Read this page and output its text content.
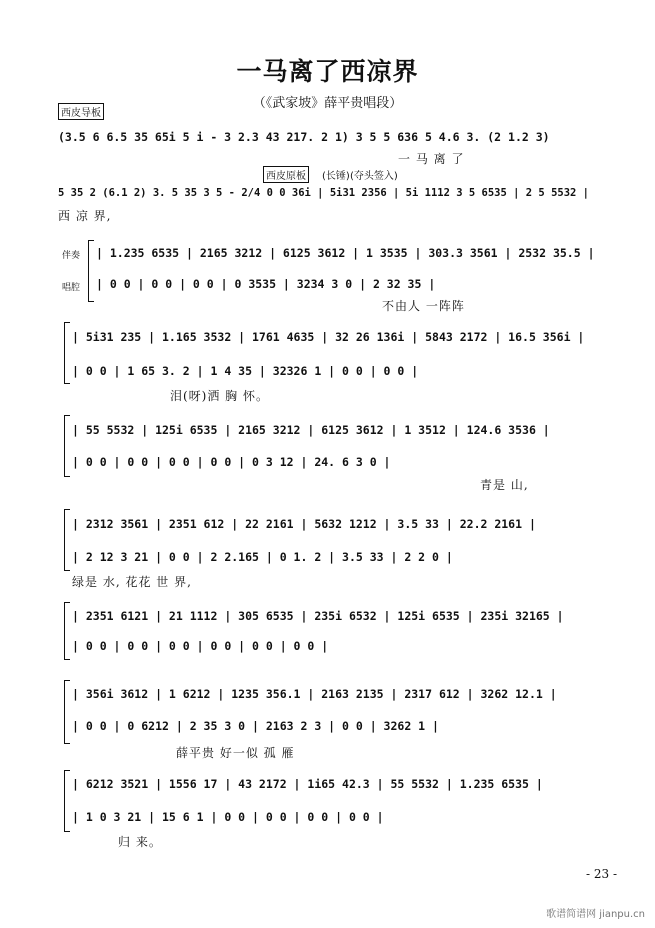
一马离了西凉界
（《武家坡》薛平贵唱段）
西皮导板
(3.5 6 6.5 35 65i 5 i - 3 2.3 43 217. 2 1) 3 5 5 636 5 4.6 3. (2 1.2 3)
一 马 离 了
西皮原板	(长锤) (夺头签入)
5 35 2 (6.1 2) 3. 5 35 3 5 - 2/4 0 0 36i | 5i31 2356 | 5i 1112 3 5 6535 | 2 5 5532 |
西 凉 界,
伴奏
唱腔
| 1.235 6535 | 2165 3212 | 6125 3612 | 1 3535 | 303.3 3561 | 2532 35.5 |
| 0 0 | 0 0 | 0 0 | 0 3535 | 3234 3 0 | 2 32 35 |
不由人 一阵阵
| 5i31 235 | 1.165 3532 | 1761 4635 | 32 26 136i | 5843 2172 | 16.5 356i |
| 0 0 | 1 65 3. 2 | 1 4 35 | 32326 1 | 0 0 | 0 0 |
泪(呀)洒 胸 怀。
| 55 5532 | 125i 6535 | 2165 3212 | 6125 3612 | 1 3512 | 124.6 3536 |
| 0 0 | 0 0 | 0 0 | 0 0 | 0 3 12 | 24. 6 3 0 |
青是 山,
| 2312 3561 | 2351 612 | 22 2161 | 5632 1212 | 3.5 33 | 22.2 2161 |
| 2 12 3 21 | 0 0 | 2 2.165 | 0 1. 2 | 3.5 33 | 2 2 0 |
绿是 水, 花花 世 界,
| 2351 6121 | 21 1112 | 305 6535 | 235i 6532 | 125i 6535 | 235i 32165 |
| 0 0 | 0 0 | 0 0 | 0 0 | 0 0 | 0 0 |
| 356i 3612 | 1 6212 | 1235 356.1 | 2163 2135 | 2317 612 | 3262 12.1 |
| 0 0 | 0 6212 | 2 35 3 0 | 2163 2 3 | 0 0 | 3262 1 |
薛平贵 好一似 孤 雁
| 6212 3521 | 1556 17 | 43 2172 | 1i65 42.3 | 55 5532 | 1.235 6535 |
| 1 0 3 21 | 15 6 1 | 0 0 | 0 0 | 0 0 | 0 0 |
归 来。
- 23 -
歌谱简谱网 jianpu.cn
